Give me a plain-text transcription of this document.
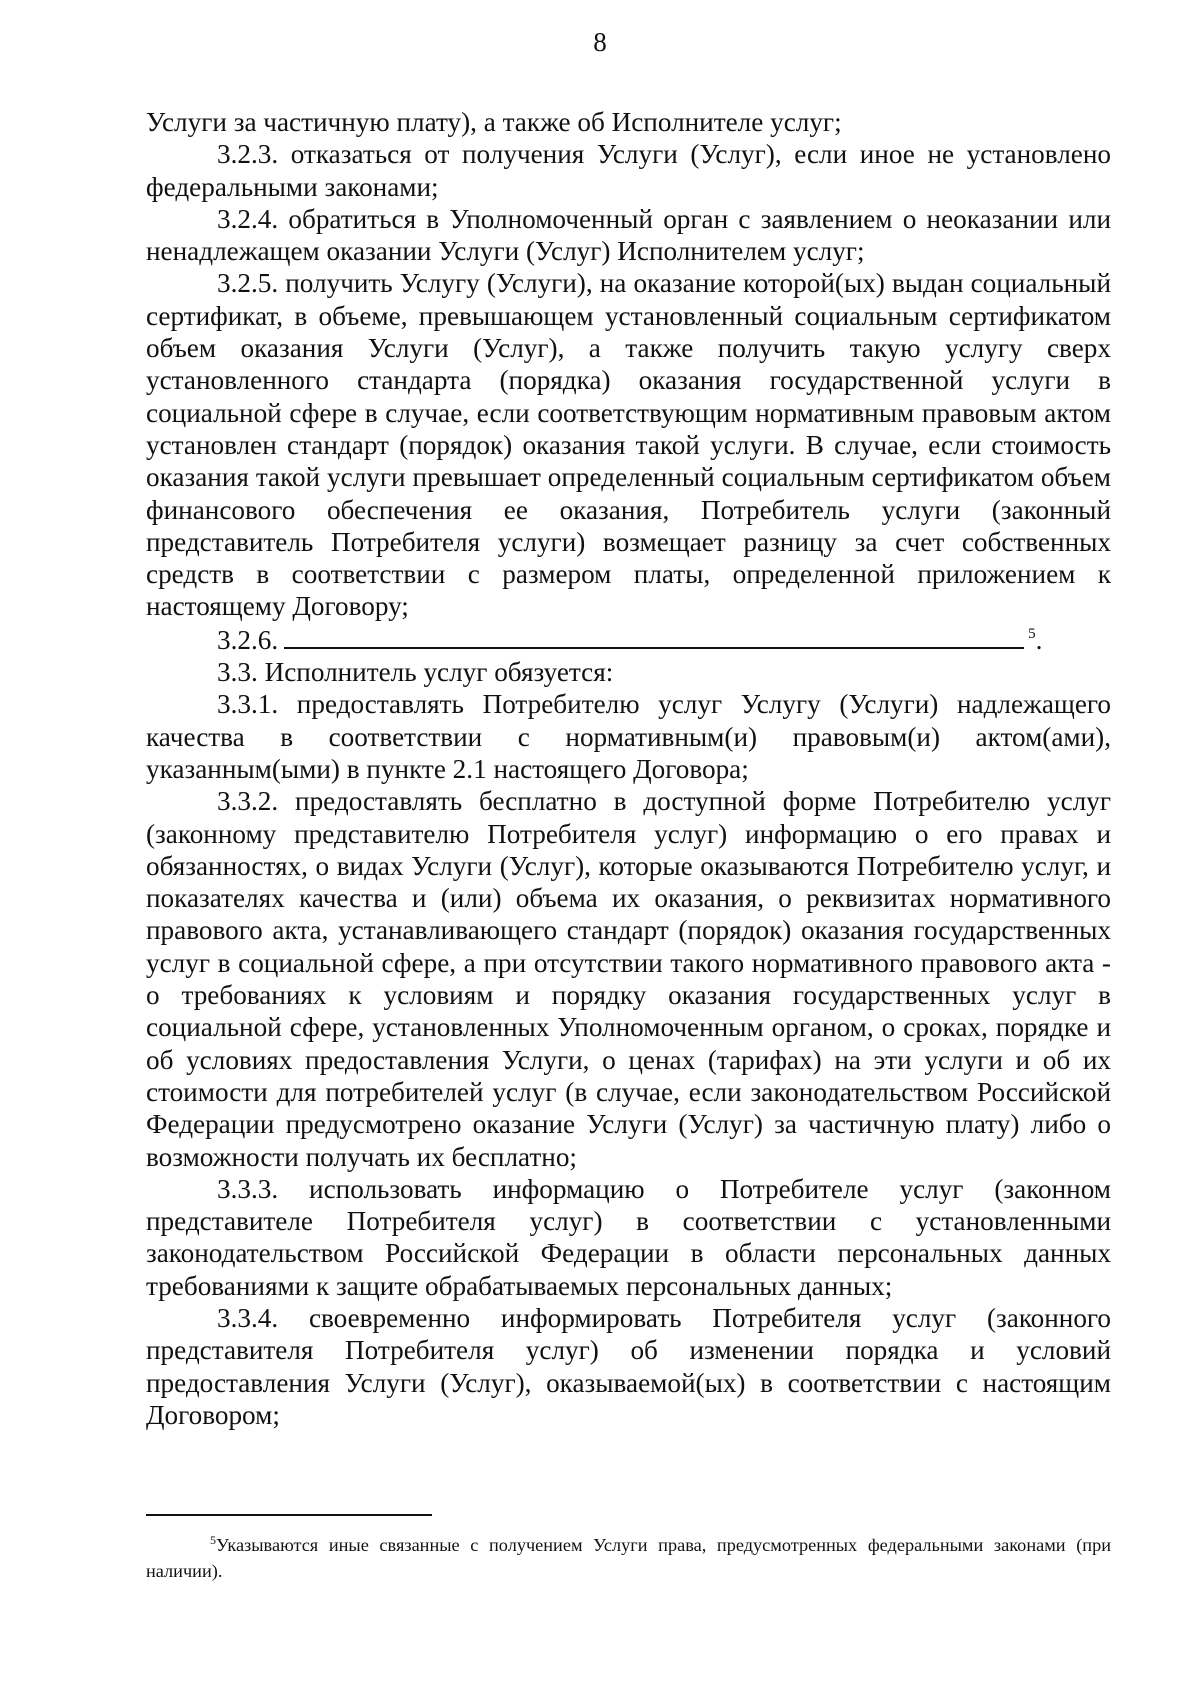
8

Услуги за частичную плату), а также об Исполнителе услуг;

3.2.3. отказаться от получения Услуги (Услуг), если иное не установлено федеральными законами;

3.2.4. обратиться в Уполномоченный орган с заявлением о неоказании или ненадлежащем оказании Услуги (Услуг) Исполнителем услуг;

3.2.5. получить Услугу (Услуги), на оказание которой(ых) выдан социальный сертификат, в объеме, превышающем установленный социальным сертификатом объем оказания Услуги (Услуг), а также получить такую услугу сверх установленного стандарта (порядка) оказания государственной услуги в социальной сфере в случае, если соответствующим нормативным правовым актом установлен стандарт (порядок) оказания такой услуги. В случае, если стоимость оказания такой услуги превышает определенный социальным сертификатом объем финансового обеспечения ее оказания, Потребитель услуги (законный представитель Потребителя услуги) возмещает разницу за счет собственных средств в соответствии с размером платы, определенной приложением к настоящему Договору;

3.2.6.	$^5$.

3.3. Исполнитель услуг обязуется:

3.3.1. предоставлять Потребителю услуг Услугу (Услуги) надлежащего качества в соответствии с нормативным(и) правовым(и) актом(ами), указанным(ыми) в пункте 2.1 настоящего Договора;

3.3.2. предоставлять бесплатно в доступной форме Потребителю услуг (законному представителю Потребителя услуг) информацию о его правах и обязанностях, о видах Услуги (Услуг), которые оказываются Потребителю услуг, и показателях качества и (или) объема их оказания, о реквизитах нормативного правового акта, устанавливающего стандарт (порядок) оказания государственных услуг в социальной сфере, а при отсутствии такого нормативного правового акта - о требованиях к условиям и порядку оказания государственных услуг в социальной сфере, установленных Уполномоченным органом, о сроках, порядке и об условиях предоставления Услуги, о ценах (тарифах) на эти услуги и об их стоимости для потребителей услуг (в случае, если законодательством Российской Федерации предусмотрено оказание Услуги (Услуг) за частичную плату) либо о возможности получать их бесплатно;

3.3.3. использовать информацию о Потребителе услуг (законном представителе Потребителя услуг) в соответствии с установленными законодательством Российской Федерации в области персональных данных требованиями к защите обрабатываемых персональных данных;

3.3.4. своевременно информировать Потребителя услуг (законного представителя Потребителя услуг) об изменении порядка и условий предоставления Услуги (Услуг), оказываемой(ых) в соответствии с настоящим Договором;

$^5$Указываются иные связанные с получением Услуги права, предусмотренных федеральными законами (при наличии).
